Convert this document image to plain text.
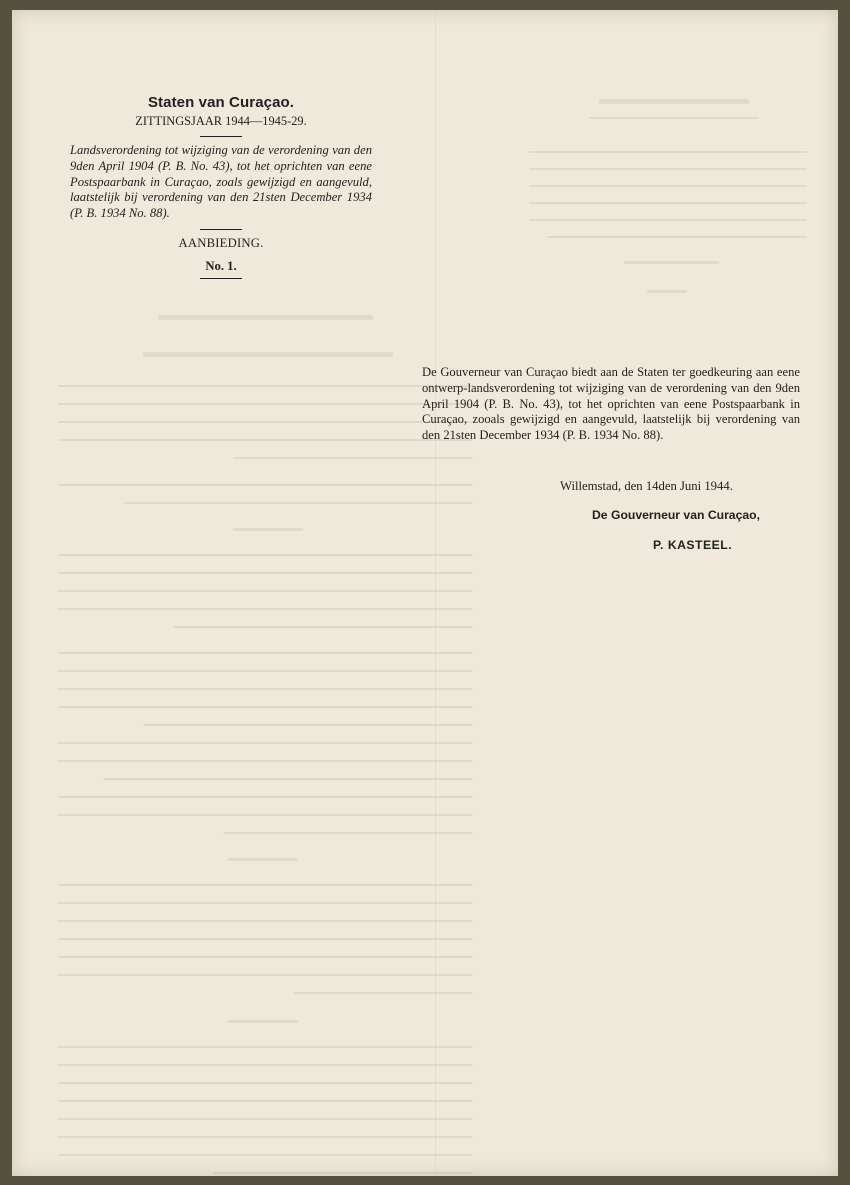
Staten van Curaçao.
ZITTINGSJAAR 1944—1945-29.
Landsverordening tot wijziging van de verordening van den 9den April 1904 (P. B. No. 43), tot het oprichten van eene Postspaarbank in Curaçao, zoals gewijzigd en aangevuld, laatstelijk bij verordening van den 21sten December 1934 (P. B. 1934 No. 88).
AANBIEDING.
No. 1.

De Gouverneur van Curaçao biedt aan de Staten ter goedkeuring aan eene ontwerp-landsverordening tot wijziging van de verordening van den 9den April 1904 (P. B. No. 43), tot het oprichten van eene Postspaarbank in Curaçao, zooals gewijzigd en aangevuld, laatstelijk bij verordening van den 21sten December 1934 (P. B. 1934 No. 88).

Willemstad, den 14den Juni 1944.
De Gouverneur van Curaçao,
P. KASTEEL.
